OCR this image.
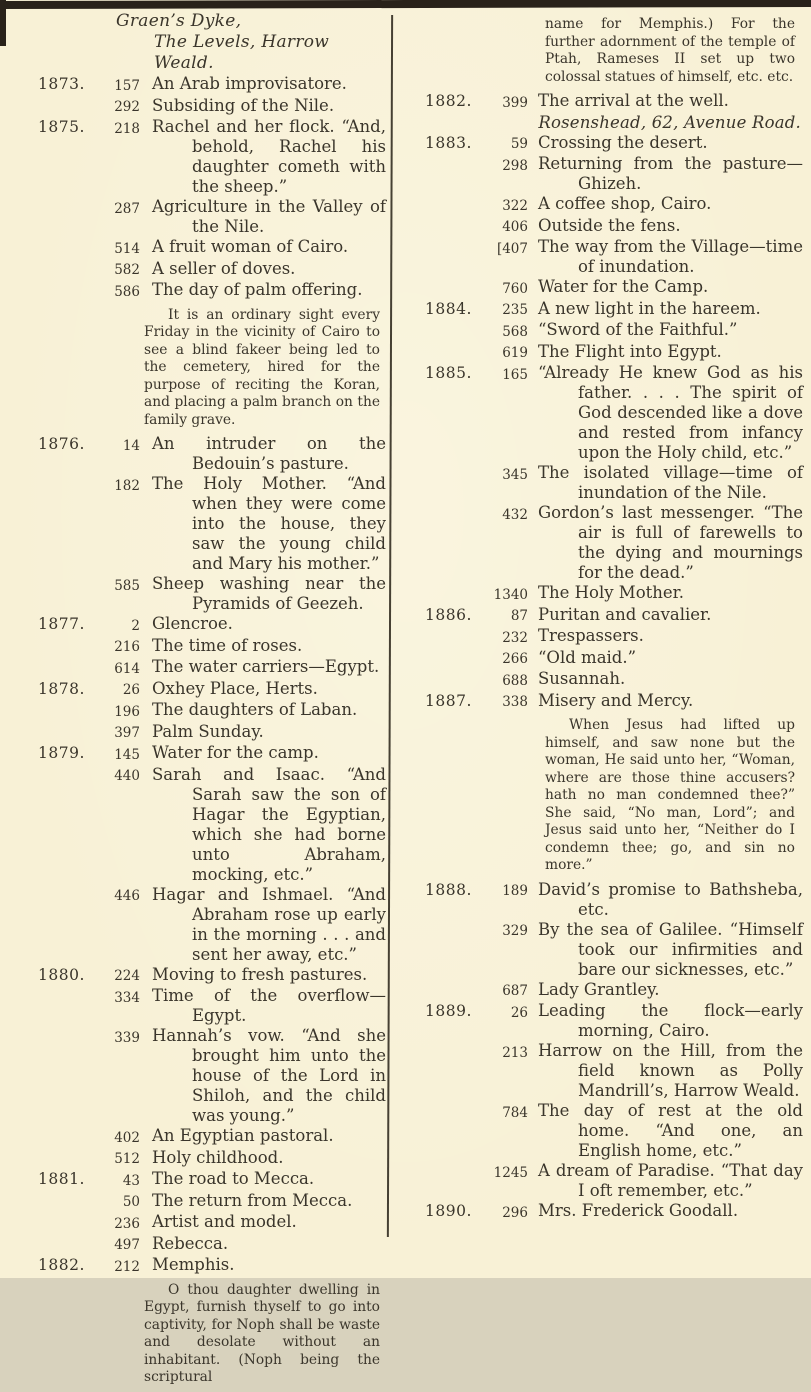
Graen’s Dyke,
The Levels, Harrow Weald.
1873.	157 An Arab improvisatore.
292 Subsiding of the Nile.
1875.	218 Rachel and her flock. “And, behold, Rachel his daughter cometh with the sheep.”
287 Agriculture in the Valley of the Nile.
514 A fruit woman of Cairo.
582 A seller of doves.
586 The day of palm offering.
It is an ordinary sight every Friday in the vicinity of Cairo to see a blind fakeer being led to the cemetery, hired for the purpose of reciting the Koran, and placing a palm branch on the family grave.
1876.	14 An intruder on the Bedouin’s pasture.
182 The Holy Mother. “And when they were come into the house, they saw the young child and Mary his mother.”
585 Sheep washing near the Pyramids of Geezeh.
1877.	2 Glencroe.
216 The time of roses.
614 The water carriers—Egypt.
1878.	26 Oxhey Place, Herts.
196 The daughters of Laban.
397 Palm Sunday.
1879.	145 Water for the camp.
440 Sarah and Isaac. “And Sarah saw the son of Hagar the Egyptian, which she had borne unto Abraham, mocking, etc.”
446 Hagar and Ishmael. “And Abraham rose up early in the morning . . . and sent her away, etc.”
1880.	224 Moving to fresh pastures.
334 Time of the overflow—Egypt.
339 Hannah’s vow. “And she brought him unto the house of the Lord in Shiloh, and the child was young.”
402 An Egyptian pastoral.
512 Holy childhood.
1881.	43 The road to Mecca.
50 The return from Mecca.
236 Artist and model.
497 Rebecca.
1882.	212 Memphis.
O thou daughter dwelling in Egypt, furnish thyself to go into captivity, for Noph shall be waste and desolate without an inhabitant. (Noph being the scriptural
name for Memphis.) For the further adornment of the temple of Ptah, Rameses II set up two colossal statues of himself, etc. etc.
1882.	399 The arrival at the well.
Rosenshead, 62, Avenue Road.
1883.	59 Crossing the desert.
298 Returning from the pasture—Ghizeh.
322 A coffee shop, Cairo.
406 Outside the fens.
[407 The way from the Village—time of inundation.
760 Water for the Camp.
1884.	235 A new light in the hareem.
568 “Sword of the Faithful.”
619 The Flight into Egypt.
1885.	165 “Already He knew God as his father. . . . The spirit of God descended like a dove and rested from infancy upon the Holy child, etc.”
345 The isolated village—time of inundation of the Nile.
432 Gordon’s last messenger. “The air is full of farewells to the dying and mournings for the dead.”
1340 The Holy Mother.
1886.	87 Puritan and cavalier.
232 Trespassers.
266 “Old maid.”
688 Susannah.
1887.	338 Misery and Mercy.
When Jesus had lifted up himself, and saw none but the woman, He said unto her, “Woman, where are those thine accusers? hath no man condemned thee?” She said, “No man, Lord”; and Jesus said unto her, “Neither do I condemn thee; go, and sin no more.”
1888.	189 David’s promise to Bathsheba, etc.
329 By the sea of Galilee. “Himself took our infirmities and bare our sicknesses, etc.”
687 Lady Grantley.
1889.	26 Leading the flock—early morning, Cairo.
213 Harrow on the Hill, from the field known as Polly Mandrill’s, Harrow Weald.
784 The day of rest at the old home. “And one, an English home, etc.”
1245 A dream of Paradise. “That day I oft remember, etc.”
1890.	296 Mrs. Frederick Goodall.
